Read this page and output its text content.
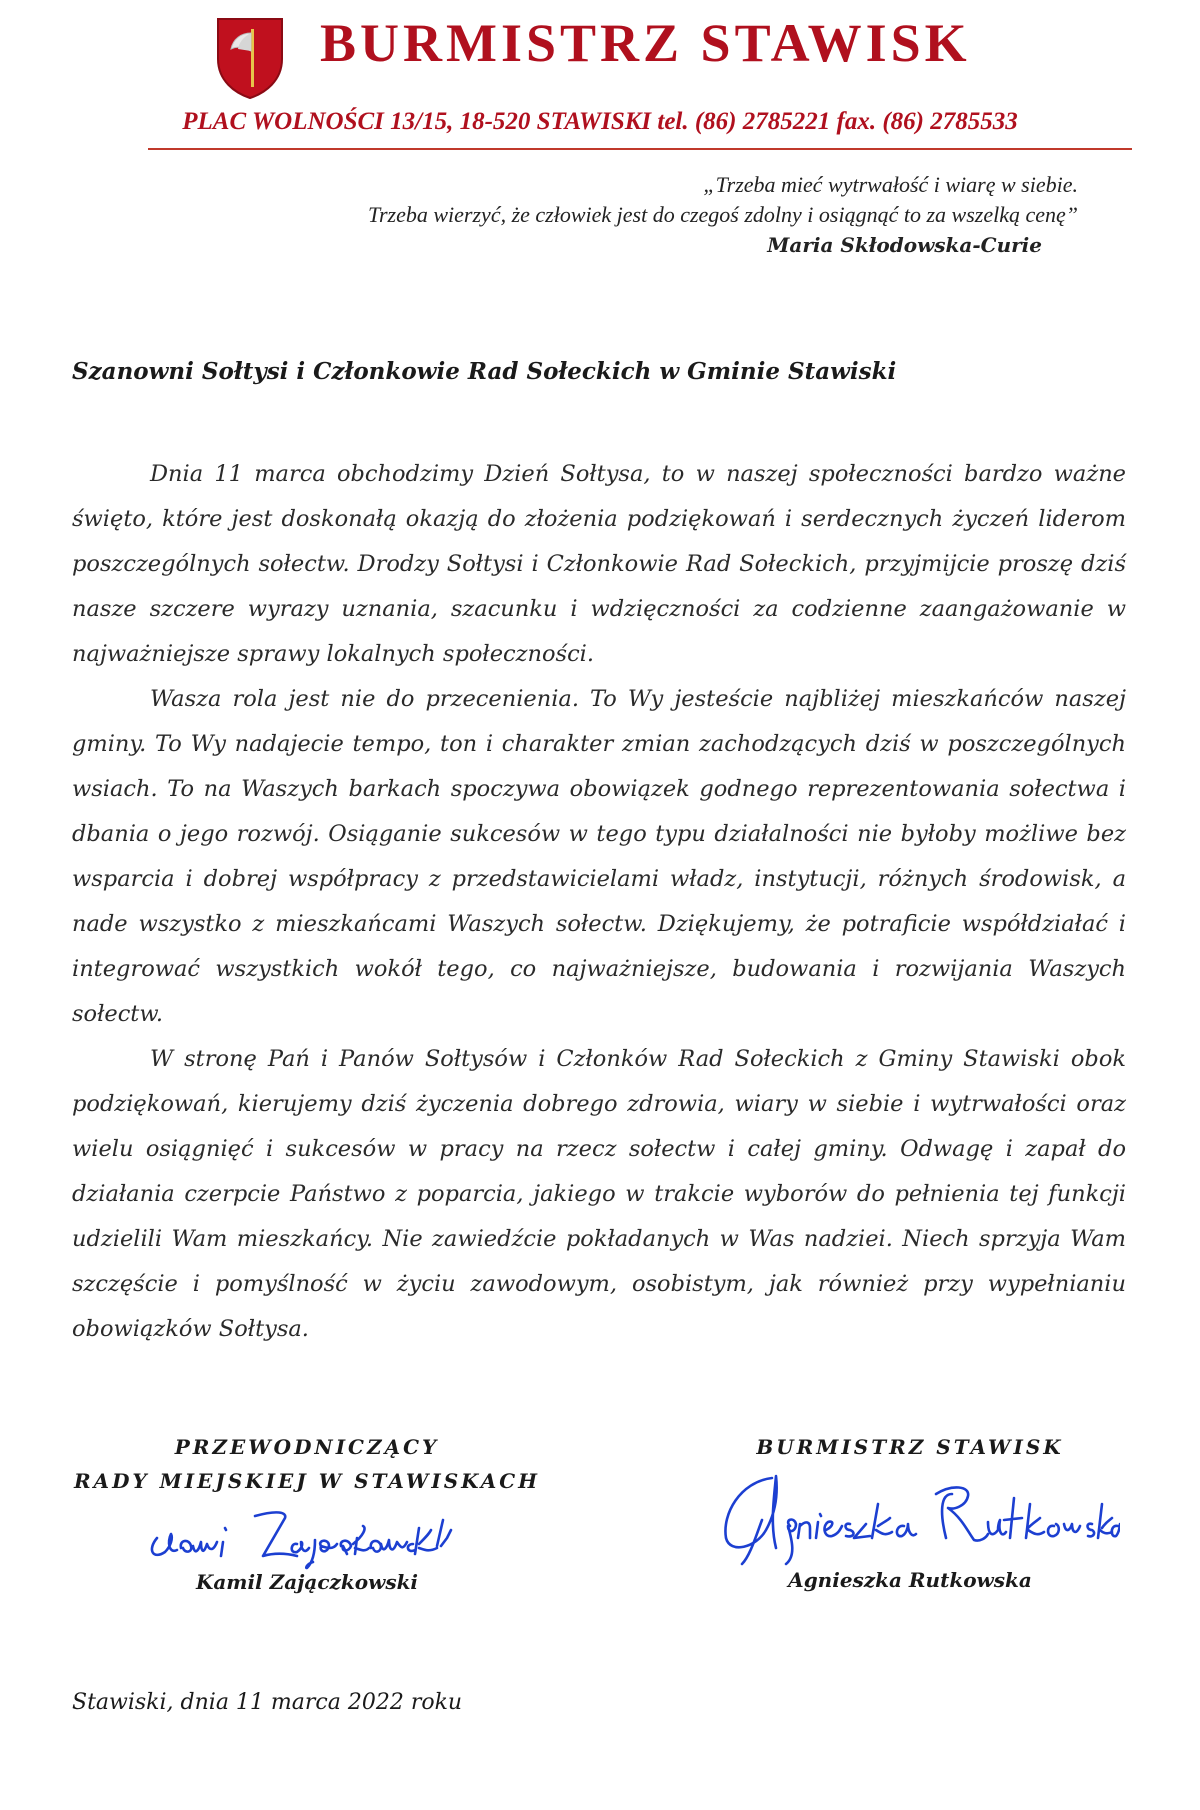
BURMISTRZ STAWISK
PLAC WOLNOŚCI 13/15, 18-520 STAWISKI tel. (86) 2785221 fax. (86) 2785533
„Trzeba mieć wytrwałość i wiarę w siebie.
Trzeba wierzyć, że człowiek jest do czegoś zdolny i osiągnąć to za wszelką cenę”
Maria Skłodowska-Curie
Szanowni Sołtysi i Członkowie Rad Sołeckich w Gminie Stawiski

Dnia 11 marca obchodzimy Dzień Sołtysa, to w naszej społeczności bardzo ważne święto, które jest doskonałą okazją do złożenia podziękowań i serdecznych życzeń liderom poszczególnych sołectw. Drodzy Sołtysi i Członkowie Rad Sołeckich, przyjmijcie proszę dziś nasze szczere wyrazy uznania, szacunku i wdzięczności za codzienne zaangażowanie w najważniejsze sprawy lokalnych społeczności.

Wasza rola jest nie do przecenienia. To Wy jesteście najbliżej mieszkańców naszej gminy. To Wy nadajecie tempo, ton i charakter zmian zachodzących dziś w poszczególnych wsiach. To na Waszych barkach spoczywa obowiązek godnego reprezentowania sołectwa i dbania o jego rozwój. Osiąganie sukcesów w tego typu działalności nie byłoby możliwe bez wsparcia i dobrej współpracy z przedstawicielami władz, instytucji, różnych środowisk, a nade wszystko z mieszkańcami Waszych sołectw. Dziękujemy, że potraficie współdziałać i integrować wszystkich wokół tego, co najważniejsze, budowania i rozwijania Waszych sołectw.

W stronę Pań i Panów Sołtysów i Członków Rad Sołeckich z Gminy Stawiski obok podziękowań, kierujemy dziś życzenia dobrego zdrowia, wiary w siebie i wytrwałości oraz wielu osiągnięć i sukcesów w pracy na rzecz sołectw i całej gminy. Odwagę i zapał do działania czerpcie Państwo z poparcia, jakiego w trakcie wyborów do pełnienia tej funkcji udzielili Wam mieszkańcy. Nie zawiedźcie pokładanych w Was nadziei. Niech sprzyja Wam szczęście i pomyślność w życiu zawodowym, osobistym, jak również przy wypełnianiu obowiązków Sołtysa.

PRZEWODNICZĄCY
RADY MIEJSKIEJ W STAWISKACH
Kamil Zajączkowski
BURMISTRZ STAWISK
Agnieszka Rutkowska
Stawiski, dnia 11 marca 2022 roku
